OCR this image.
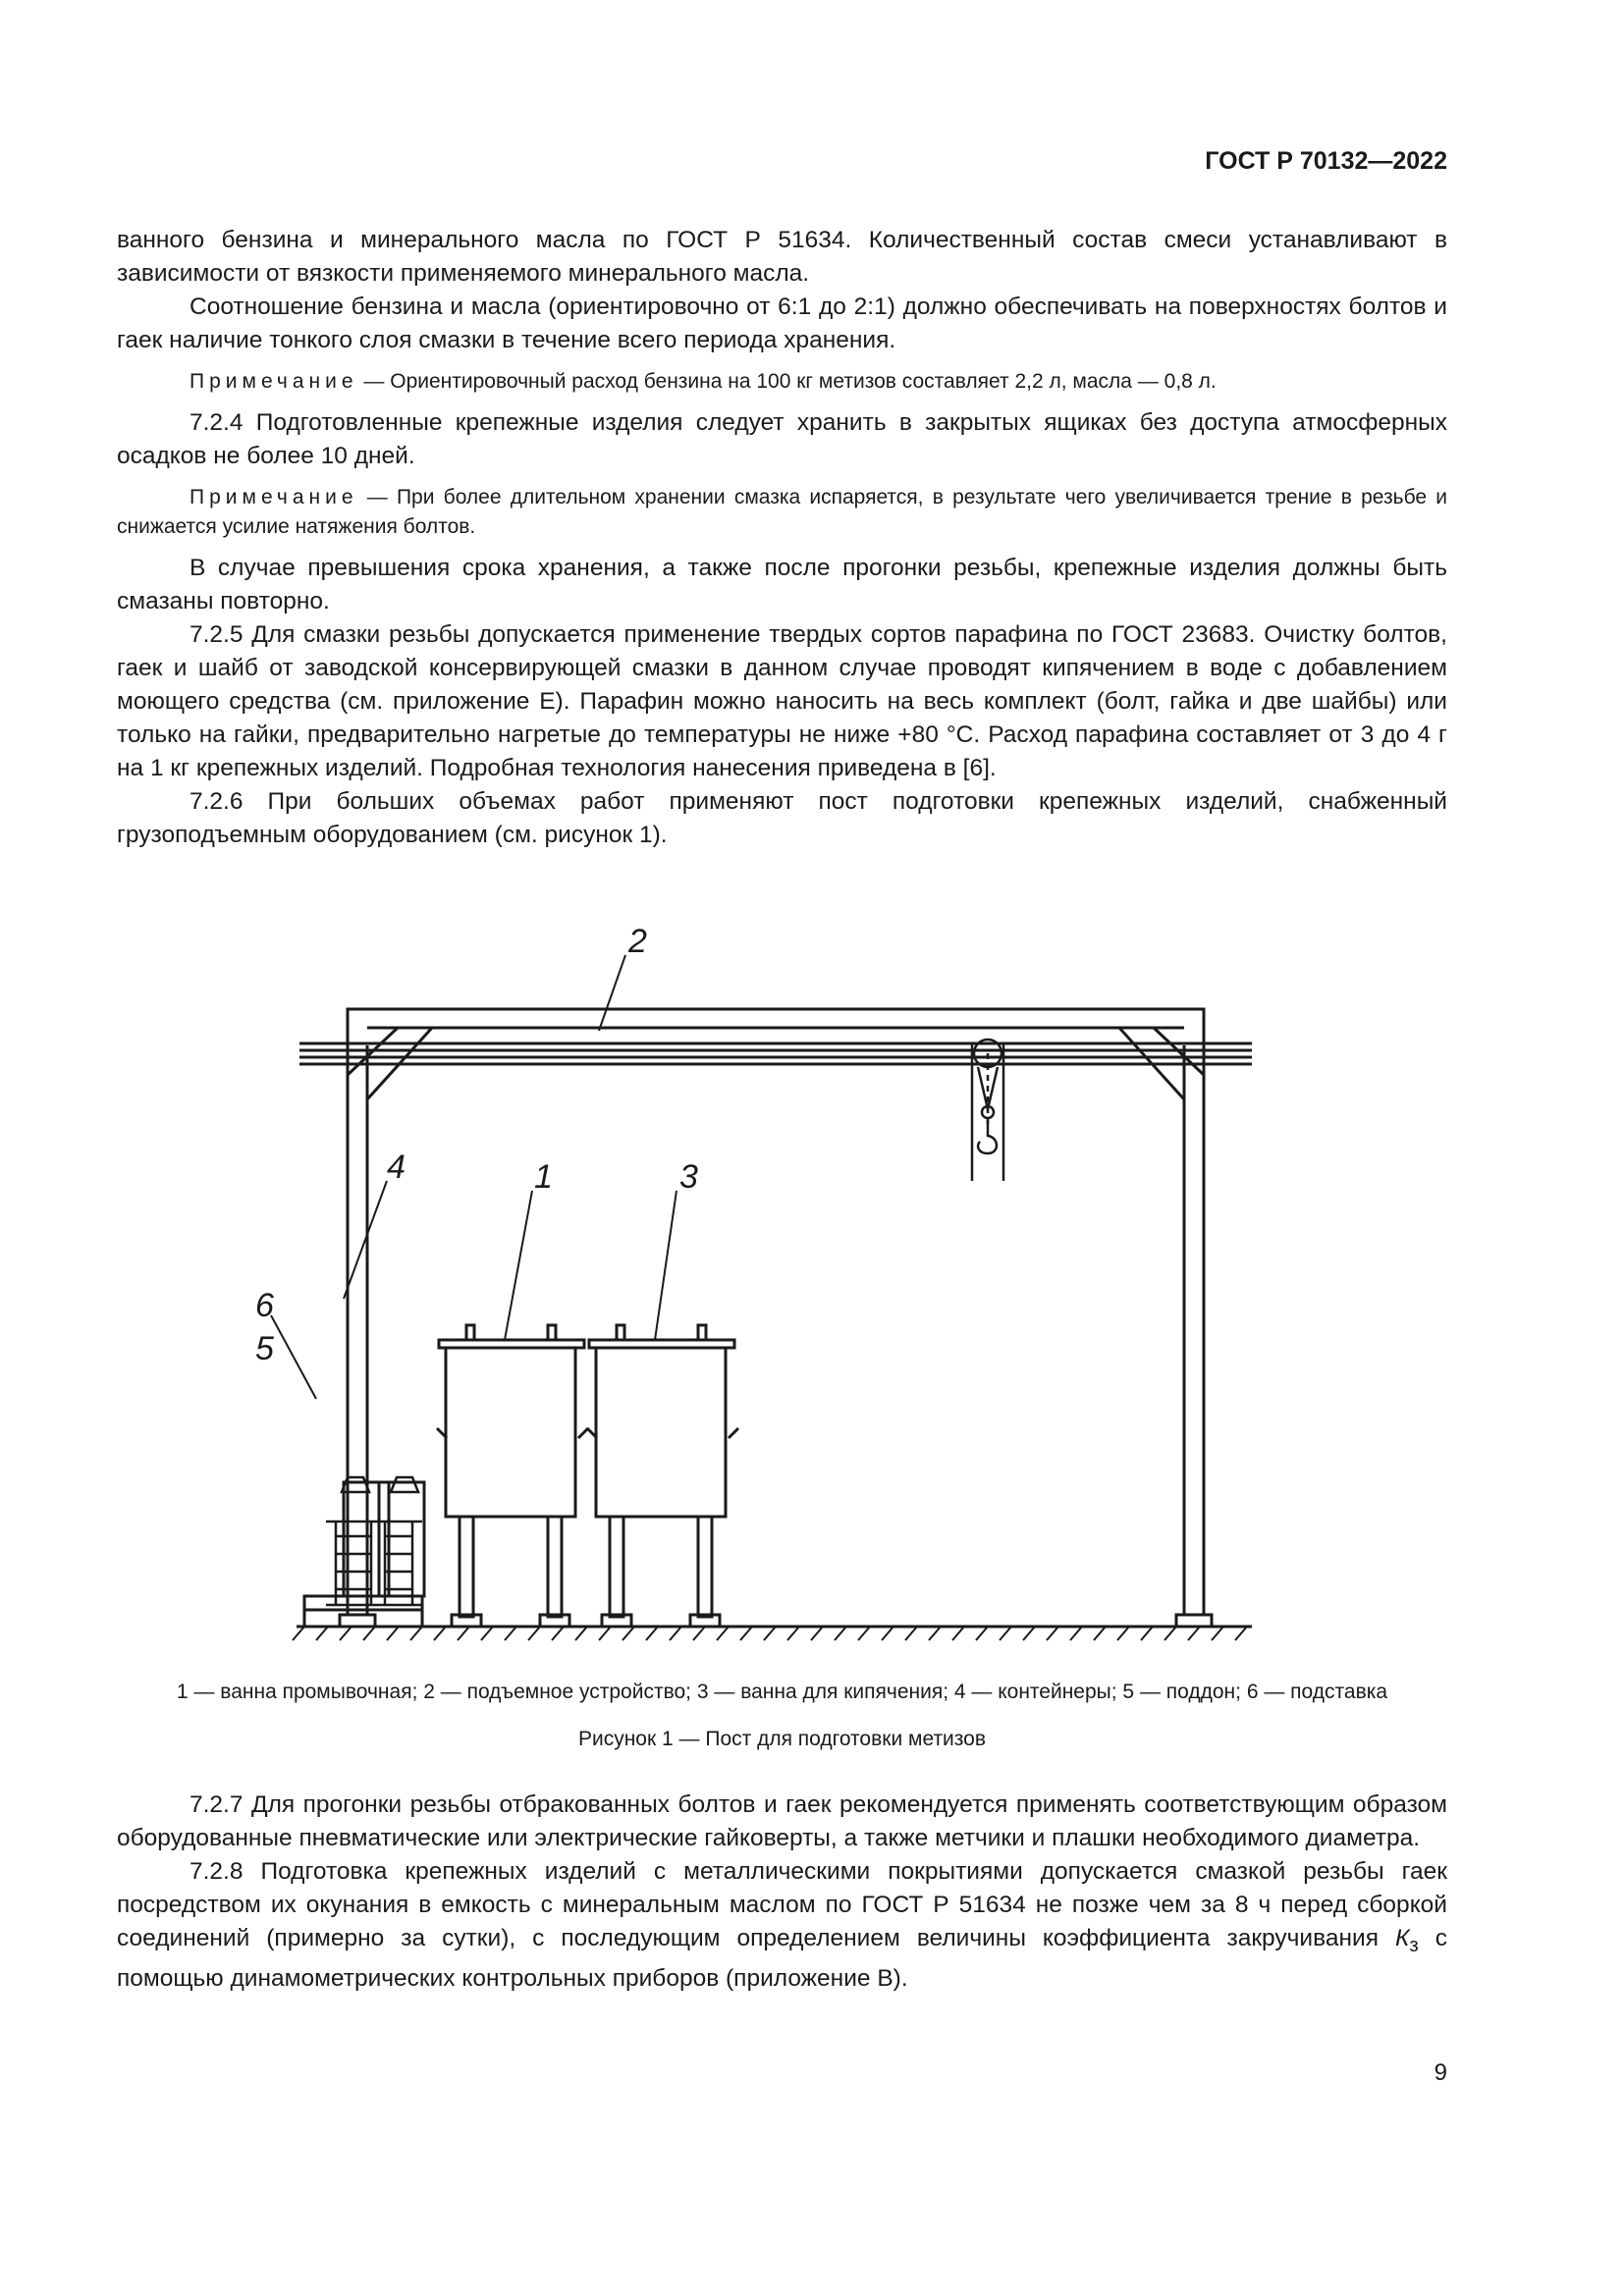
ГОСТ Р 70132—2022

ванного бензина и минерального масла по ГОСТ Р 51634. Количественный состав смеси устанавливают в зависимости от вязкости применяемого минерального масла.

Соотношение бензина и масла (ориентировочно от 6:1 до 2:1) должно обеспечивать на поверхностях болтов и гаек наличие тонкого слоя смазки в течение всего периода хранения.

Примечание — Ориентировочный расход бензина на 100 кг метизов составляет 2,2 л, масла — 0,8 л.

7.2.4 Подготовленные крепежные изделия следует хранить в закрытых ящиках без доступа атмосферных осадков не более 10 дней.

Примечание — При более длительном хранении смазка испаряется, в результате чего увеличивается трение в резьбе и снижается усилие натяжения болтов.

В случае превышения срока хранения, а также после прогонки резьбы, крепежные изделия должны быть смазаны повторно.

7.2.5 Для смазки резьбы допускается применение твердых сортов парафина по ГОСТ 23683. Очистку болтов, гаек и шайб от заводской консервирующей смазки в данном случае проводят кипячением в воде с добавлением моющего средства (см. приложение Е). Парафин можно наносить на весь комплект (болт, гайка и две шайбы) или только на гайки, предварительно нагретые до температуры не ниже +80 °С. Расход парафина составляет от 3 до 4 г на 1 кг крепежных изделий. Подробная технология нанесения приведена в [6].

7.2.6 При больших объемах работ применяют пост подготовки крепежных изделий, снабженный грузоподъемным оборудованием (см. рисунок 1).

2
4	1	3
6
5
1 — ванна промывочная; 2 — подъемное устройство; 3 — ванна для кипячения; 4 — контейнеры; 5 — поддон; 6 — подставка
Рисунок 1 — Пост для подготовки метизов

7.2.7 Для прогонки резьбы отбракованных болтов и гаек рекомендуется применять соответствующим образом оборудованные пневматические или электрические гайковерты, а также метчики и плашки необходимого диаметра.

7.2.8 Подготовка крепежных изделий с металлическими покрытиями допускается смазкой резьбы гаек посредством их окунания в емкость с минеральным маслом по ГОСТ Р 51634 не позже чем за 8 ч перед сборкой соединений (примерно за сутки), с последующим определением величины коэффициента закручивания $К_з$ с помощью динамометрических контрольных приборов (приложение В).

9
